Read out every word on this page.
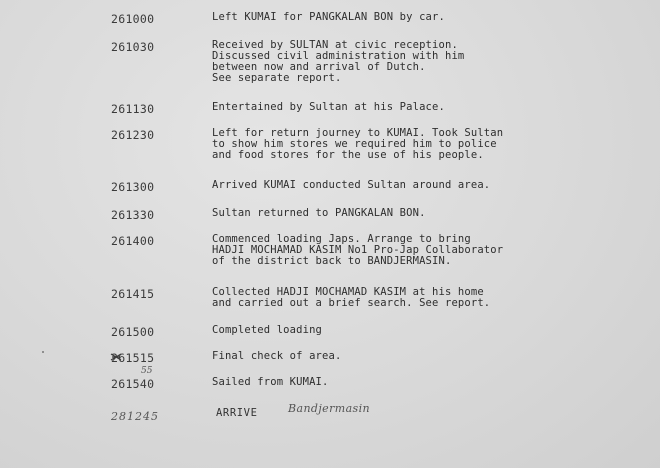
261000	Left KUMAI for PANGKALAN BON by car.
261030	Received by SULTAN at civic reception.
Discussed civil administration with him
between now and arrival of Dutch.
See separate report.
261130	Entertained by Sultan at his Palace.
261230	Left for return journey to KUMAI. Took Sultan
to show him stores we required him to police
and food stores for the use of his people.
261300	Arrived KUMAI conducted Sultan around area.
261330	Sultan returned to PANGKALAN BON.
261400	Commenced loading Japs. Arrange to bring
HADJI MOCHAMAD KASIM No1 Pro-Jap Collaborator
of the district back to BANDJERMASIN.
261415	Collected HADJI MOCHAMAD KASIM at his home
and carried out a brief search. See report.
261500	Completed loading
261515	Final check of area.
261540	Sailed from KUMAI.
55
281245	ARRIVE	Bandjermasin
